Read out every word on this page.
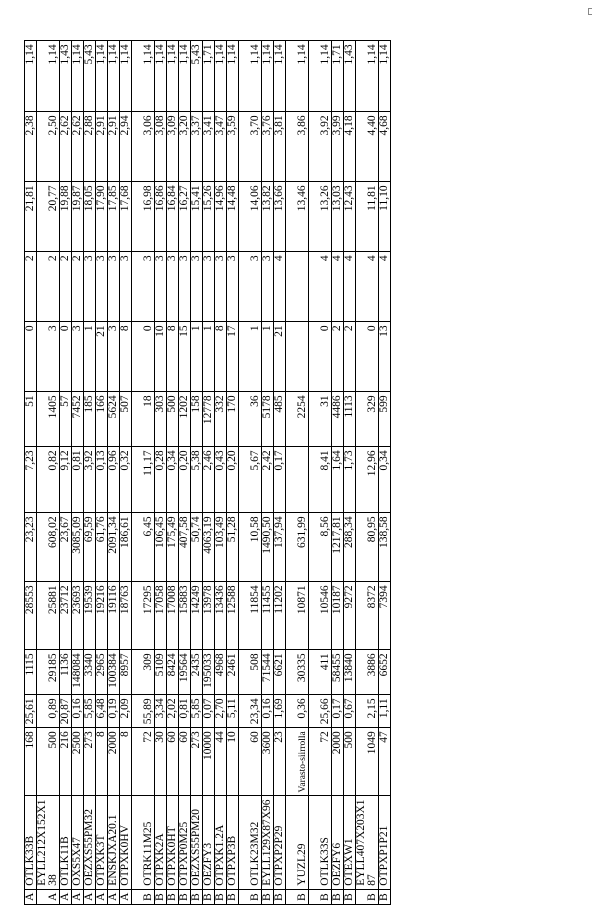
A	OTLK33B	168	25,61	1115	28553	23,23	7,23	51	0	2	21,81	2,38	1,14
A	EYLL212X152X138	500	0,89	29185	25881	608,02	0,82	1405	3	2	20,77	2,50	1,14
A	OTLK11B	216	20,87	1136	23712	23,67	9,12	57	0	2	19,88	2,62	1,43
A	OXS5X47	2500	0,16	148084	23693	3085,09	0,81	7452	3	2	19,87	2,62	1,14
A	OEZXS55PM32	273	5,85	3340	19539	69,59	3,92	185	1	3	18,05	2,88	5,43
A	OTPXK3T	8	6,48	2965	19216	61,76	0,13	166	21	3	17,90	2,91	1,14
A	ENSKJXA20.1	2000	0,19	100384	19116	2091,34	0,96	5624	3	3	17,85	2,91	1,14
A	OTPXK0HV	8	2,09	8957	18763	186,61	0,32	507	8	3	17,68	2,94	1,14
B	OTRK11M25	72	55,89	309	17295	6,45	11,17	18	0	3	16,98	3,06	1,14
B	OTPXK2A	30	3,34	5109	17058	106,45	0,28	303	10	3	16,86	3,08	1,14
B	OTPXK0HT	60	2,02	8424	17008	175,49	0,34	500	8	3	16,84	3,09	1,14
B	OTPXP0M25	60	0,81	19564	15883	407,58	0,20	1202	15	3	16,27	3,20	1,14
B	OEZXS55PM20	273	5,85	2435	14249	50,74	5,38	158	1	3	15,41	3,37	5,43
B	OEZFY3	10000	0,07	195033	13978	4063,19	2,46	12778	1	3	15,26	3,41	1,71
B	OTPXK1.2A	44	2,70	4968	13436	103,49	0,43	332	8	3	14,96	3,47	1,14
B	OTPXP3B	10	5,11	2461	12588	51,28	0,20	170	17	3	14,48	3,59	1,14
B	OTLK23M32	60	23,34	508	11854	10,58	5,67	36	1	3	14,06	3,70	1,14
B	EYLL129X87X96	3600	0,16	71544	11455	1490,50	2,42	5178	1	3	13,82	3,76	1,14
B	OTPXP2P29	23	1,69	6621	11202	137,94	0,17	485	21	4	13,66	3,81	1,14
B	YUZL29	Varasto-siirrolla	0,36	30335	10871	631,99		2254			13,46	3,86	1,14
B	OTLK33S	72	25,66	411	10546	8,56	8,41	31	0	4	13,26	3,92	1,14
B	OEZFY6	2000	0,17	58455	10187	1217,81	1,64	4486	2	4	13,03	3,99	1,71
B	OTEXW1	500	0,67	13840	9272	288,34	1,73	1113	2	4	12,43	4,18	1,43
B	EYLL407X203X187	1049	2,15	3886	8372	80,95	12,96	329	0	4	11,81	4,40	1,14
B	OTPXP1P21	47	1,11	6652	7394	138,58	0,34	599	13	4	11,10	4,68	1,14
